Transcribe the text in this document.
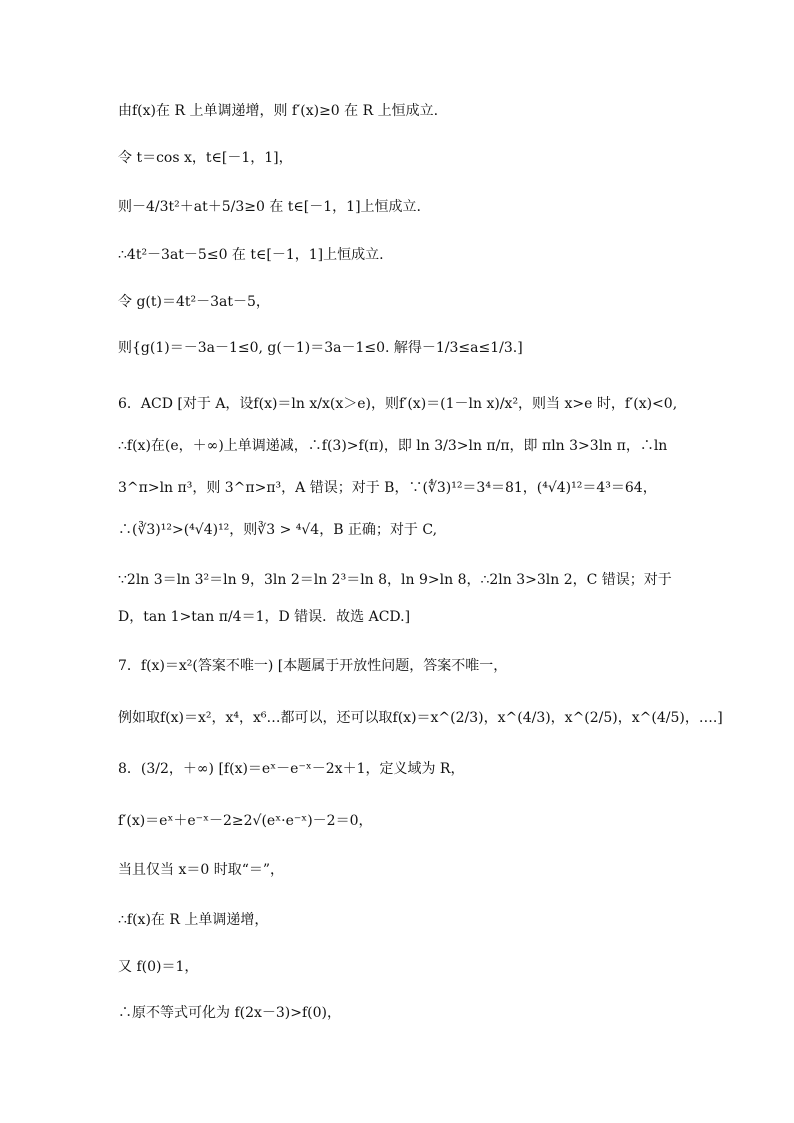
由f(x)在 R 上单调递增，则 f′(x)≥0 在 R 上恒成立.
令 t＝cos x，t∈[－1，1]，
则－4/3t²＋at＋5/3≥0 在 t∈[－1，1]上恒成立.
∴4t²－3at－5≤0 在 t∈[－1，1]上恒成立.
令 g(t)＝4t²－3at－5，
则{g(1)＝－3a－1≤0, g(－1)＝3a－1≤0. 解得－1/3≤a≤1/3.]
6．ACD [对于 A，设f(x)＝ln x/x(x＞e)，则f′(x)＝(1－ln x)/x²，则当 x>e 时，f′(x)<0,
∴f(x)在(e，＋∞)上单调递减，∴f(3)>f(π)，即 ln 3/3>ln π/π，即 πln 3>3ln π，∴ln
3^π>ln π³，则 3^π>π³，A 错误；对于 B，∵(∜3)¹²＝3⁴＝81，(⁴√4)¹²＝4³＝64，
∴(∛3)¹²>(⁴√4)¹²，则∛3 > ⁴√4，B 正确；对于 C,
∵2ln 3＝ln 3²＝ln 9，3ln 2＝ln 2³＝ln 8，ln 9>ln 8，∴2ln 3>3ln 2，C 错误；对于
D，tan 1>tan π/4＝1，D 错误．故选 ACD.]
7．f(x)＝x²(答案不唯一) [本题属于开放性问题，答案不唯一，
例如取f(x)＝x²，x⁴，x⁶…都可以，还可以取f(x)＝x^(2/3)，x^(4/3)，x^(2/5)，x^(4/5)，….]
8．(3/2，＋∞) [f(x)＝eˣ－e⁻ˣ－2x＋1，定义域为 R，
f′(x)＝eˣ＋e⁻ˣ－2≥2√(eˣ·e⁻ˣ)－2＝0，
当且仅当 x＝0 时取“＝”，
∴f(x)在 R 上单调递增，
又 f(0)＝1，
∴原不等式可化为 f(2x－3)>f(0)，
